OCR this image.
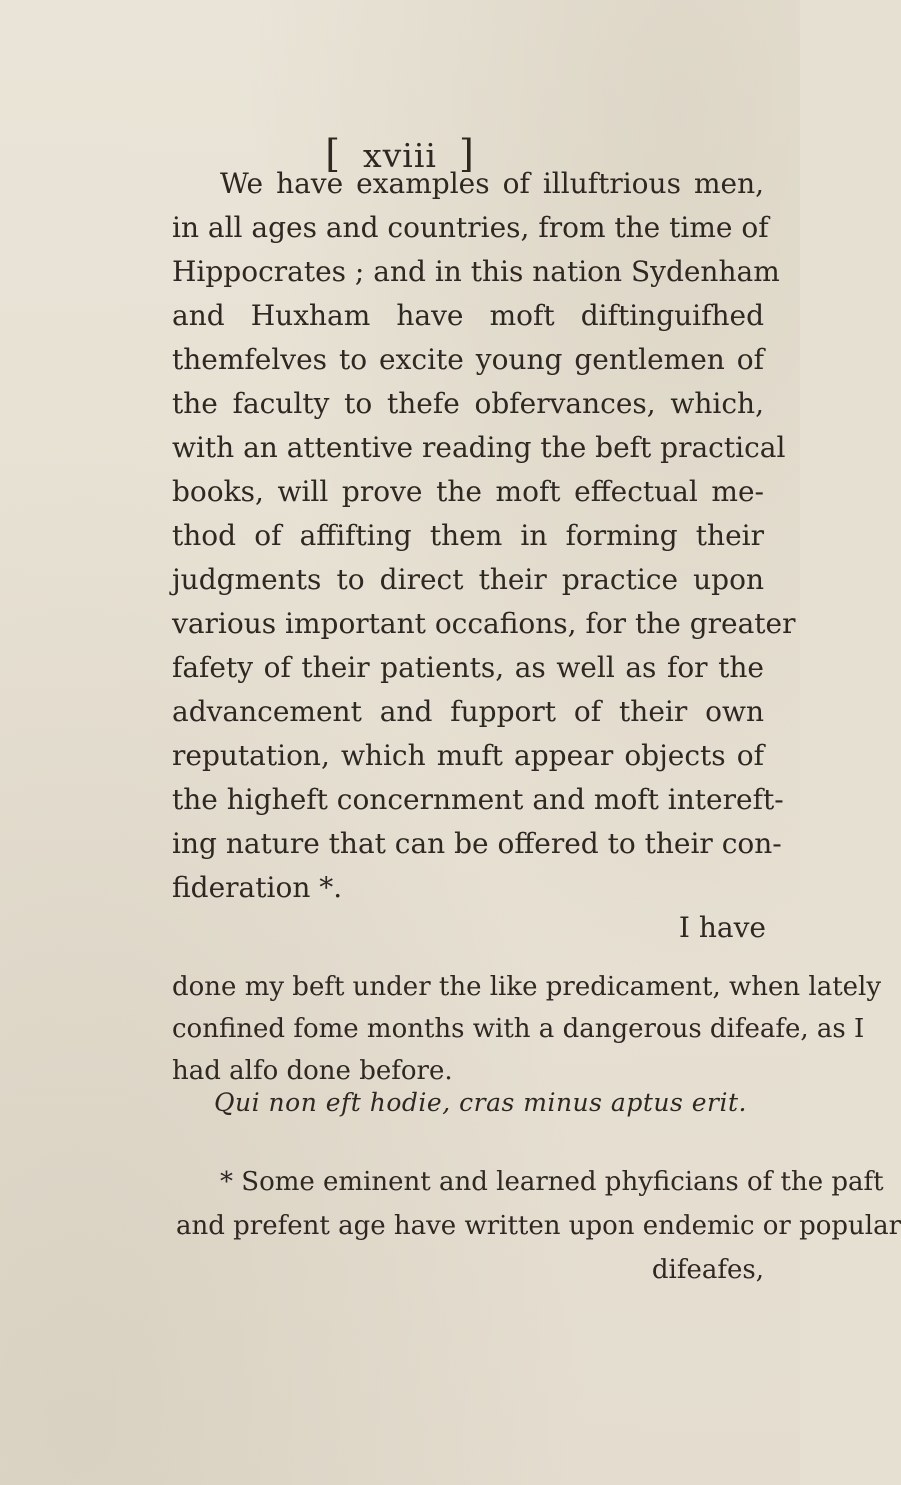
[ xviii ]
We have examples of illuftrious men,
in all ages and countries, from the time of
Hippocrates ; and in this nation Sydenham
and Huxham have moft diftinguifhed
themfelves to excite young gentlemen of
the faculty to thefe obfervances, which,
with an attentive reading the beft practical
books, will prove the moft effectual me-
thod of affifting them in forming their
judgments to direct their practice upon
various important occafions, for the greater
fafety of their patients, as well as for the
advancement and fupport of their own
reputation, which muft appear objects of
the higheft concernment and moft intereft-
ing nature that can be offered to their con-
fideration *.
I have
done my beft under the like predicament, when lately
confined fome months with a dangerous difeafe, as I
had alfo done before.
Qui non eft hodie, cras minus aptus erit.
* Some eminent and learned phyficians of the paft
and prefent age have written upon endemic or popular
difeafes,
